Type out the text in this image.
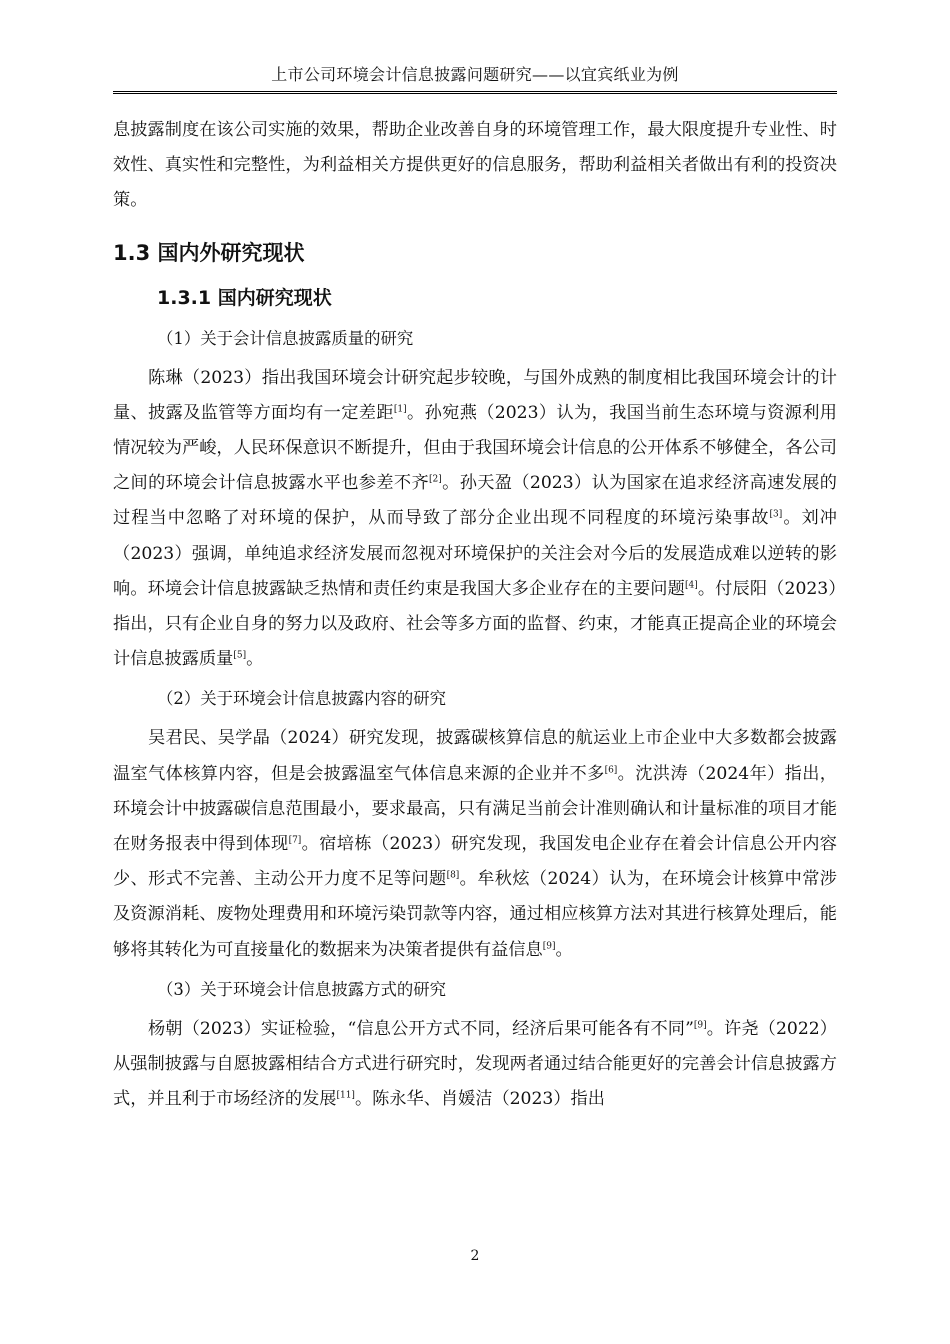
上市公司环境会计信息披露问题研究——以宜宾纸业为例

息披露制度在该公司实施的效果，帮助企业改善自身的环境管理工作，最大限度提升专业性、时效性、真实性和完整性，为利益相关方提供更好的信息服务，帮助利益相关者做出有利的投资决策。

1.3 国内外研究现状
1.3.1 国内研究现状
（1）关于会计信息披露质量的研究

陈琳（2023）指出我国环境会计研究起步较晚，与国外成熟的制度相比我国环境会计的计量、披露及监管等方面均有一定差距[1]。孙宛燕（2023）认为，我国当前生态环境与资源利用情况较为严峻，人民环保意识不断提升，但由于我国环境会计信息的公开体系不够健全，各公司之间的环境会计信息披露水平也参差不齐[2]。孙天盈（2023）认为国家在追求经济高速发展的过程当中忽略了对环境的保护，从而导致了部分企业出现不同程度的环境污染事故[3]。刘冲（2023）强调，单纯追求经济发展而忽视对环境保护的关注会对今后的发展造成难以逆转的影响。环境会计信息披露缺乏热情和责任约束是我国大多企业存在的主要问题[4]。付辰阳（2023）指出，只有企业自身的努力以及政府、社会等多方面的监督、约束，才能真正提高企业的环境会计信息披露质量[5]。

（2）关于环境会计信息披露内容的研究

吴君民、吴学晶（2024）研究发现，披露碳核算信息的航运业上市企业中大多数都会披露温室气体核算内容，但是会披露温室气体信息来源的企业并不多[6]。沈洪涛（2024年）指出，环境会计中披露碳信息范围最小，要求最高，只有满足当前会计准则确认和计量标准的项目才能在财务报表中得到体现[7]。宿培栋（2023）研究发现，我国发电企业存在着会计信息公开内容少、形式不完善、主动公开力度不足等问题[8]。牟秋炫（2024）认为，在环境会计核算中常涉及资源消耗、废物处理费用和环境污染罚款等内容，通过相应核算方法对其进行核算处理后，能够将其转化为可直接量化的数据来为决策者提供有益信息[9]。

（3）关于环境会计信息披露方式的研究

杨朝（2023）实证检验，“信息公开方式不同，经济后果可能各有不同”[9]。许尧（2022）从强制披露与自愿披露相结合方式进行研究时，发现两者通过结合能更好的完善会计信息披露方式，并且利于市场经济的发展[11]。陈永华、肖媛洁（2023）指出

2
